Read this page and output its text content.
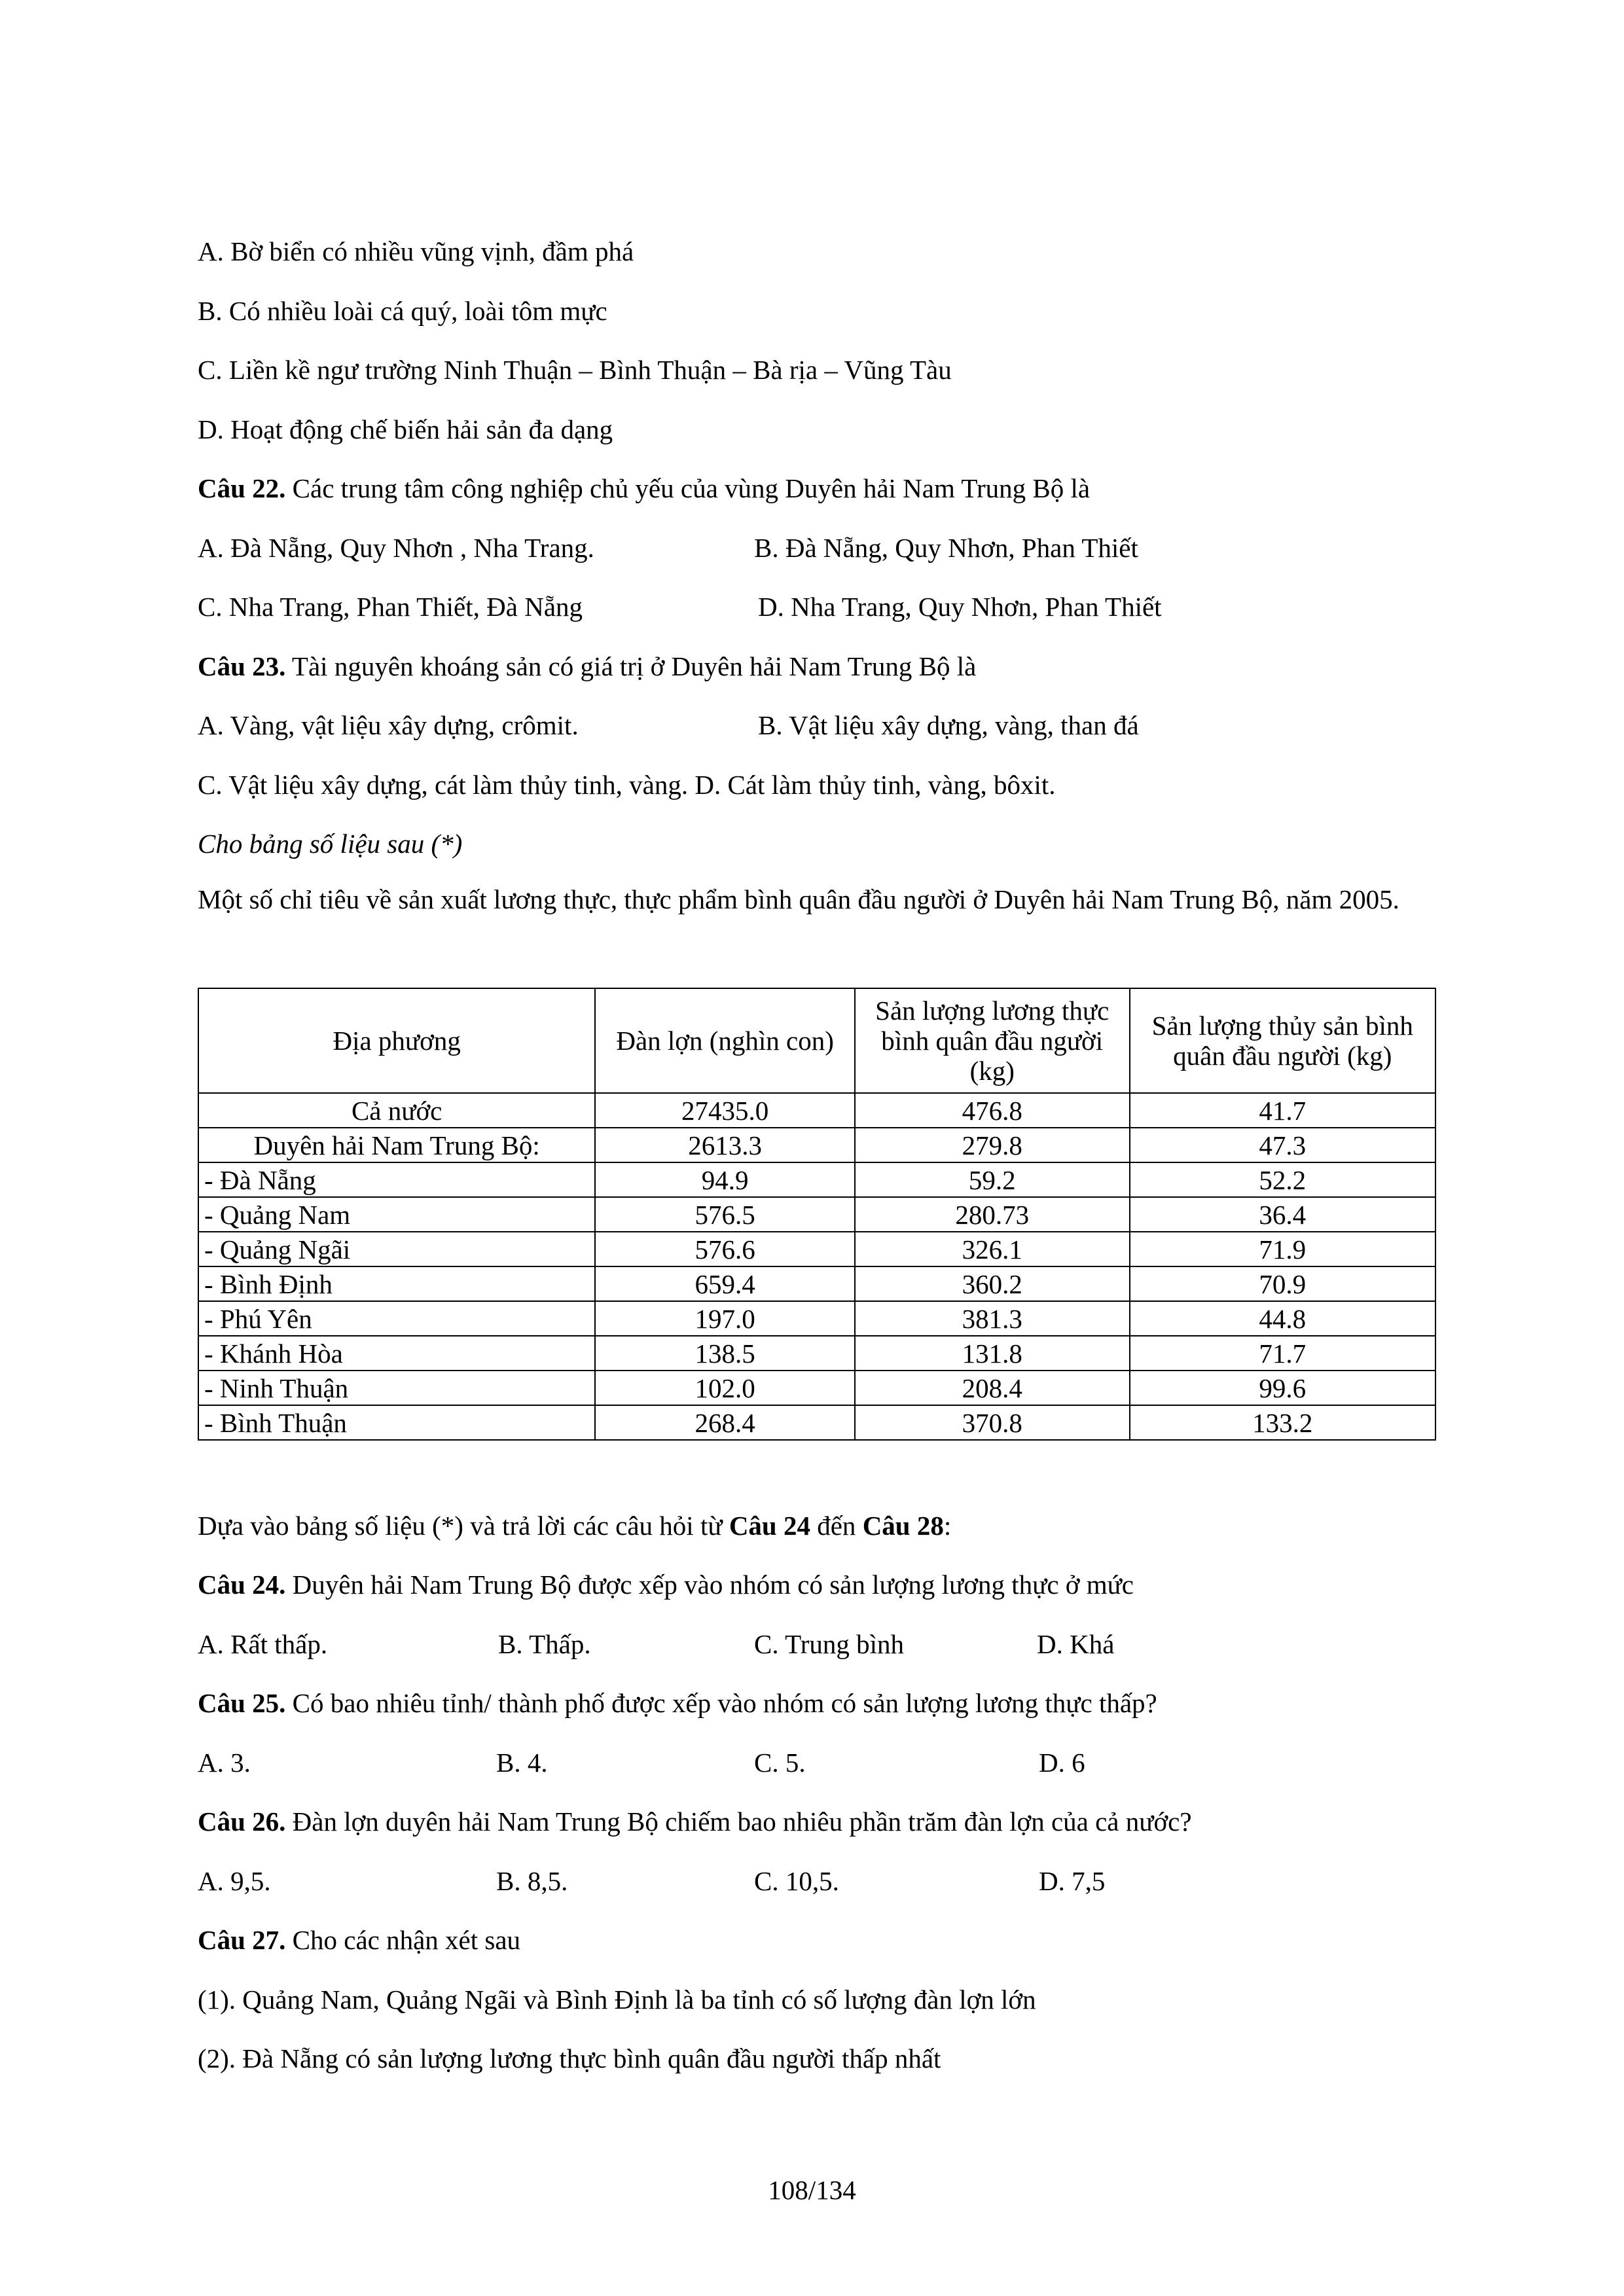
A. Bờ biển có nhiều vũng vịnh, đầm phá

B. Có nhiều loài cá quý, loài tôm mực

C. Liền kề ngư trường Ninh Thuận – Bình Thuận – Bà rịa – Vũng Tàu

D. Hoạt động chế biến hải sản đa dạng

Câu 22. Các trung tâm công nghiệp chủ yếu của vùng Duyên hải Nam Trung Bộ là

A. Đà Nẵng, Quy Nhơn , Nha Trang.	B. Đà Nẵng, Quy Nhơn, Phan Thiết
C. Nha Trang, Phan Thiết, Đà Nẵng	D. Nha Trang, Quy Nhơn, Phan Thiết

Câu 23. Tài nguyên khoáng sản có giá trị ở Duyên hải Nam Trung Bộ là

A. Vàng, vật liệu xây dựng, crômit.	B. Vật liệu xây dựng, vàng, than đá

C. Vật liệu xây dựng, cát làm thủy tinh, vàng. D. Cát làm thủy tinh, vàng, bôxit.

Cho bảng số liệu sau (*)

Một số chỉ tiêu về sản xuất lương thực, thực phẩm bình quân đầu người ở Duyên hải Nam Trung Bộ, năm 2005.

Địa phương	Đàn lợn (nghìn con)	Sản lượng lương thực bình quân đầu người (kg)	Sản lượng thủy sản bình quân đầu người (kg)
Cả nước	27435.0	476.8	41.7
Duyên hải Nam Trung Bộ:	2613.3	279.8	47.3
- Đà Nẵng	94.9	59.2	52.2
- Quảng Nam	576.5	280.73	36.4
- Quảng Ngãi	576.6	326.1	71.9
- Bình Định	659.4	360.2	70.9
- Phú Yên	197.0	381.3	44.8
- Khánh Hòa	138.5	131.8	71.7
- Ninh Thuận	102.0	208.4	99.6
- Bình Thuận	268.4	370.8	133.2

Dựa vào bảng số liệu (*) và trả lời các câu hỏi từ Câu 24 đến Câu 28:

Câu 24. Duyên hải Nam Trung Bộ được xếp vào nhóm có sản lượng lương thực ở mức

A. Rất thấp.	B. Thấp.	C. Trung bình	D. Khá

Câu 25. Có bao nhiêu tỉnh/ thành phố được xếp vào nhóm có sản lượng lương thực thấp?

A. 3.	B. 4.	C. 5.	D. 6

Câu 26. Đàn lợn duyên hải Nam Trung Bộ chiếm bao nhiêu phần trăm đàn lợn của cả nước?

A. 9,5.	B. 8,5.	C. 10,5.	D. 7,5

Câu 27. Cho các nhận xét sau

(1). Quảng Nam, Quảng Ngãi và Bình Định là ba tỉnh có số lượng đàn lợn lớn

(2). Đà Nẵng có sản lượng lương thực bình quân đầu người thấp nhất

108/134
